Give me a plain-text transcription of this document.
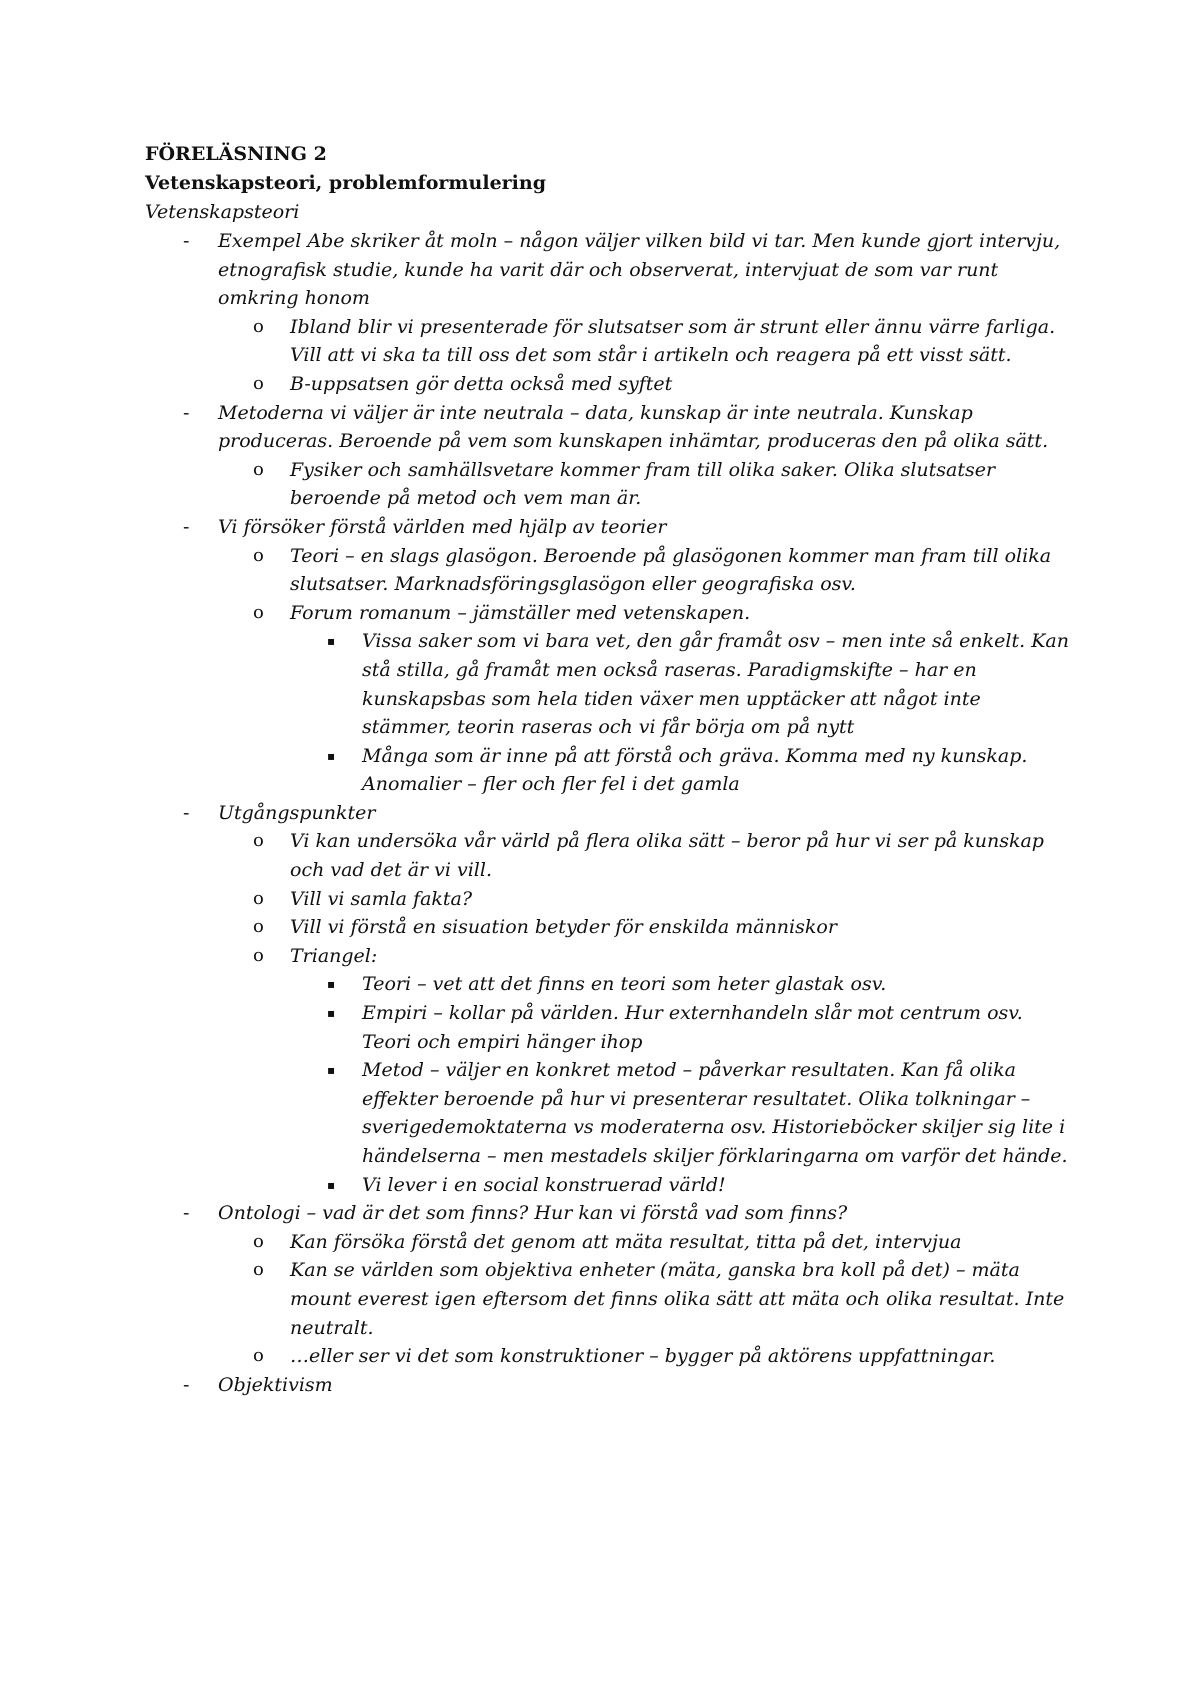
FÖRELÄSNING 2
Vetenskapsteori, problemformulering
Vetenskapsteori
- Exempel Abe skriker åt moln – någon väljer vilken bild vi tar. Men kunde gjort intervju, etnografisk studie, kunde ha varit där och observerat, intervjuat de som var runt omkring honom
o Ibland blir vi presenterade för slutsatser som är strunt eller ännu värre farliga. Vill att vi ska ta till oss det som står i artikeln och reagera på ett visst sätt.
o B-uppsatsen gör detta också med syftet
- Metoderna vi väljer är inte neutrala – data, kunskap är inte neutrala. Kunskap produceras. Beroende på vem som kunskapen inhämtar, produceras den på olika sätt.
o Fysiker och samhällsvetare kommer fram till olika saker. Olika slutsatser beroende på metod och vem man är.
- Vi försöker förstå världen med hjälp av teorier
o Teori – en slags glasögon. Beroende på glasögonen kommer man fram till olika slutsatser. Marknadsföringsglasögon eller geografiska osv.
o Forum romanum – jämställer med vetenskapen.
▪ Vissa saker som vi bara vet, den går framåt osv – men inte så enkelt. Kan stå stilla, gå framåt men också raseras. Paradigmskifte – har en kunskapsbas som hela tiden växer men upptäcker att något inte stämmer, teorin raseras och vi får börja om på nytt
▪ Många som är inne på att förstå och gräva. Komma med ny kunskap. Anomalier – fler och fler fel i det gamla
- Utgångspunkter
o Vi kan undersöka vår värld på flera olika sätt – beror på hur vi ser på kunskap och vad det är vi vill.
o Vill vi samla fakta?
o Vill vi förstå en sisuation betyder för enskilda människor
o Triangel:
▪ Teori – vet att det finns en teori som heter glastak osv.
▪ Empiri – kollar på världen. Hur externhandeln slår mot centrum osv. Teori och empiri hänger ihop
▪ Metod – väljer en konkret metod – påverkar resultaten. Kan få olika effekter beroende på hur vi presenterar resultatet. Olika tolkningar – sverigedemoktaterna vs moderaterna osv. Historieböcker skiljer sig lite i händelserna – men mestadels skiljer förklaringarna om varför det hände.
▪ Vi lever i en social konstruerad värld!
- Ontologi – vad är det som finns? Hur kan vi förstå vad som finns?
o Kan försöka förstå det genom att mäta resultat, titta på det, intervjua
o Kan se världen som objektiva enheter (mäta, ganska bra koll på det) – mäta mount everest igen eftersom det finns olika sätt att mäta och olika resultat. Inte neutralt.
o …eller ser vi det som konstruktioner – bygger på aktörens uppfattningar.
- Objektivism
